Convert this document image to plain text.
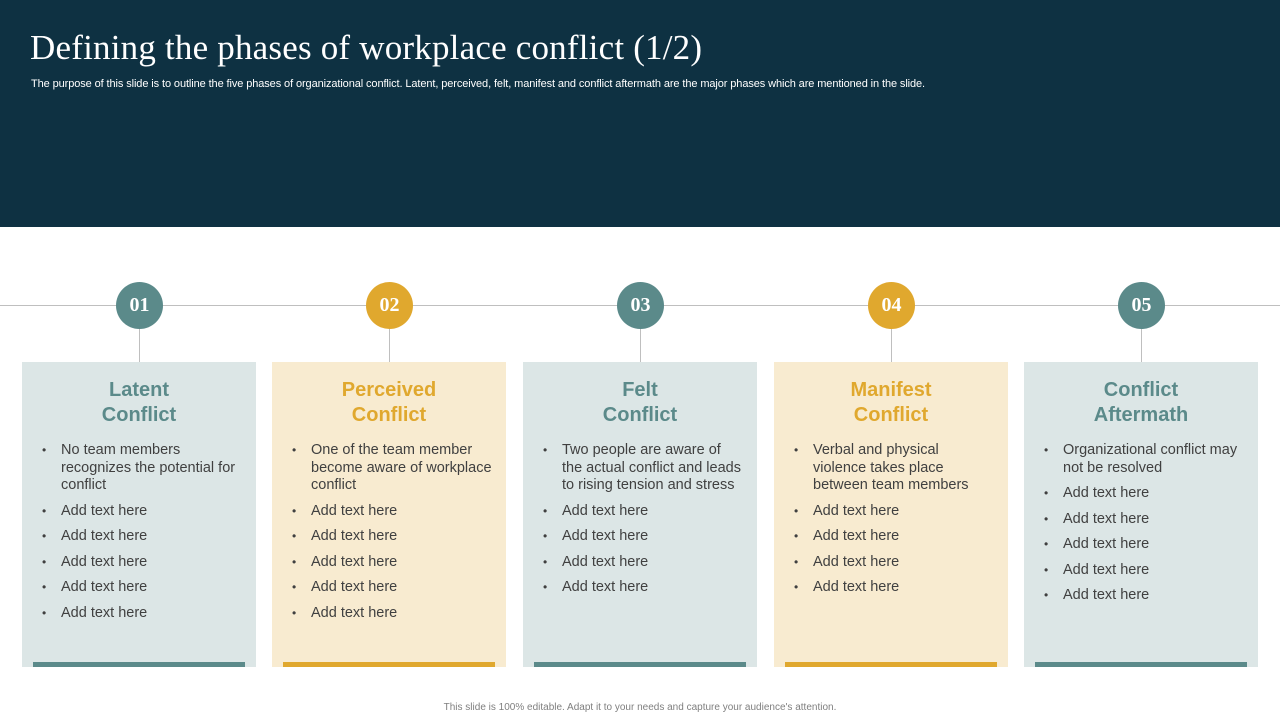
Defining the phases of workplace conflict (1/2)
The purpose of this slide is to outline the five phases of organizational conflict. Latent, perceived, felt, manifest and conflict aftermath are the major phases which are mentioned in the slide.
01
Latent
Conflict
• No team members recognizes the potential for conflict
• Add text here
• Add text here
• Add text here
• Add text here
• Add text here
02
Perceived
Conflict
• One of the team member become aware of workplace conflict
• Add text here
• Add text here
• Add text here
• Add text here
• Add text here
03
Felt
Conflict
• Two people are aware of the actual conflict and leads to rising tension and stress
• Add text here
• Add text here
• Add text here
• Add text here
04
Manifest
Conflict
• Verbal and physical violence takes place between team members
• Add text here
• Add text here
• Add text here
• Add text here
05
Conflict
Aftermath
• Organizational conflict may not be resolved
• Add text here
• Add text here
• Add text here
• Add text here
• Add text here
This slide is 100% editable. Adapt it to your needs and capture your audience's attention.
